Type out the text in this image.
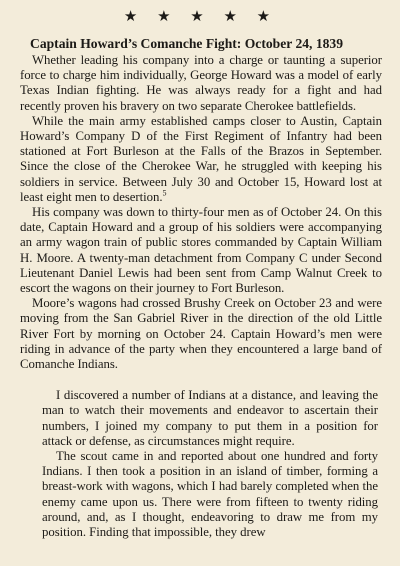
★ ★ ★ ★ ★
Captain Howard’s Comanche Fight: October 24, 1839

Whether leading his company into a charge or taunting a superior force to charge him individually, George Howard was a model of early Texas Indian fighting. He was always ready for a fight and had recently proven his bravery on two separate Cherokee battlefields.

While the main army established camps closer to Austin, Captain Howard’s Company D of the First Regiment of Infantry had been stationed at Fort Burleson at the Falls of the Brazos in September. Since the close of the Cherokee War, he struggled with keeping his soldiers in service. Between July 30 and October 15, Howard lost at least eight men to desertion.$^5$

His company was down to thirty-four men as of October 24. On this date, Captain Howard and a group of his soldiers were accompanying an army wagon train of public stores commanded by Captain William H. Moore. A twenty-man detachment from Company C under Second Lieutenant Daniel Lewis had been sent from Camp Walnut Creek to escort the wagons on their journey to Fort Burleson.

Moore’s wagons had crossed Brushy Creek on October 23 and were moving from the San Gabriel River in the direction of the old Little River Fort by morning on October 24. Captain Howard’s men were riding in advance of the party when they encountered a large band of Comanche Indians.

I discovered a number of Indians at a distance, and leaving the man to watch their movements and endeavor to ascertain their numbers, I joined my company to put them in a position for attack or defense, as circumstances might require.

The scout came in and reported about one hundred and forty Indians. I then took a position in an island of timber, forming a breast-work with wagons, which I had barely completed when the enemy came upon us. There were from fifteen to twenty riding around, and, as I thought, endeavoring to draw me from my position. Finding that impossible, they drew
